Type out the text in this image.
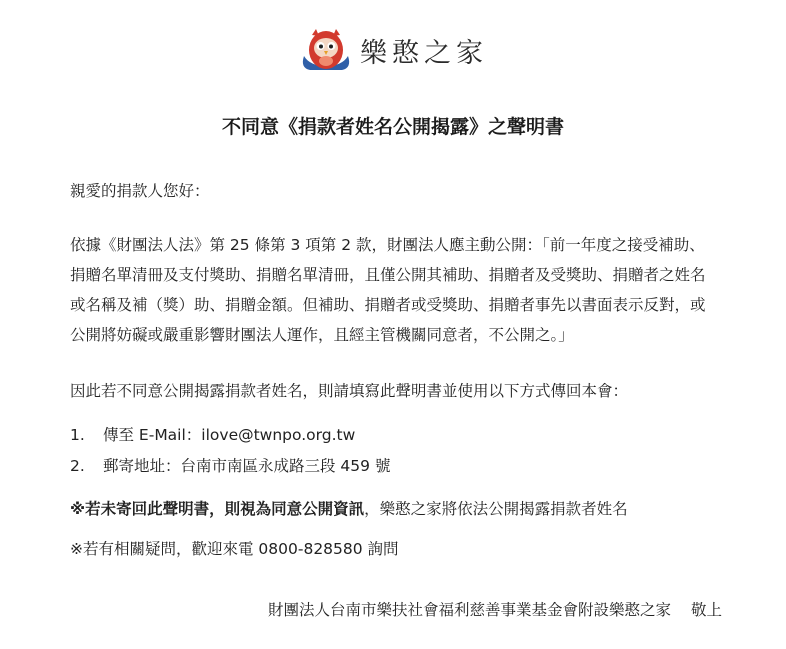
樂憨之家
不同意《捐款者姓名公開揭露》之聲明書

親愛的捐款人您好：

依據《財團法人法》第 25 條第 3 項第 2 款，財團法人應主動公開：「前一年度之接受補助、
捐贈名單清冊及支付獎助、捐贈名單清冊，且僅公開其補助、捐贈者及受獎助、捐贈者之姓名
或名稱及補（獎）助、捐贈金額。但補助、捐贈者或受獎助、捐贈者事先以書面表示反對，或
公開將妨礙或嚴重影響財團法人運作，且經主管機關同意者，不公開之。」

因此若不同意公開揭露捐款者姓名，則請填寫此聲明書並使用以下方式傳回本會：

1.	傳至 E-Mail：ilove@twnpo.org.tw
2.	郵寄地址：台南市南區永成路三段 459 號

※若未寄回此聲明書，則視為同意公開資訊，樂憨之家將依法公開揭露捐款者姓名

※若有相關疑問，歡迎來電 0800-828580 詢問

財團法人台南市樂扶社會福利慈善事業基金會附設樂憨之家 敬上
